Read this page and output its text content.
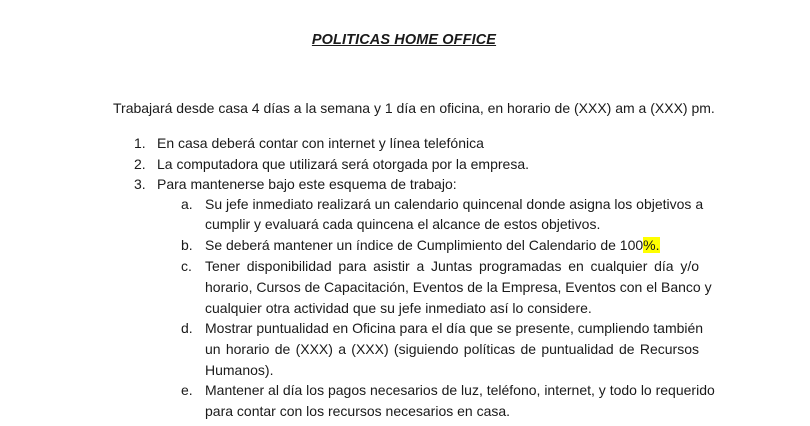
POLITICAS HOME OFFICE
Trabajará desde casa 4 días a la semana y 1 día en oficina, en horario de (XXX) am a (XXX) pm.
1. En casa deberá contar con internet y línea telefónica
2. La computadora que utilizará será otorgada por la empresa.
3. Para mantenerse bajo este esquema de trabajo:
a. Su jefe inmediato realizará un calendario quincenal donde asigna los objetivos a
cumplir y evaluará cada quincena el alcance de estos objetivos.
b. Se deberá mantener un índice de Cumplimiento del Calendario de 100%.
c. Tener disponibilidad para asistir a Juntas programadas en cualquier día y/o
horario, Cursos de Capacitación, Eventos de la Empresa, Eventos con el Banco y
cualquier otra actividad que su jefe inmediato así lo considere.
d. Mostrar puntualidad en Oficina para el día que se presente, cumpliendo también
un horario de (XXX) a (XXX) (siguiendo políticas de puntualidad de Recursos
Humanos).
e. Mantener al día los pagos necesarios de luz, teléfono, internet, y todo lo requerido
para contar con los recursos necesarios en casa.
